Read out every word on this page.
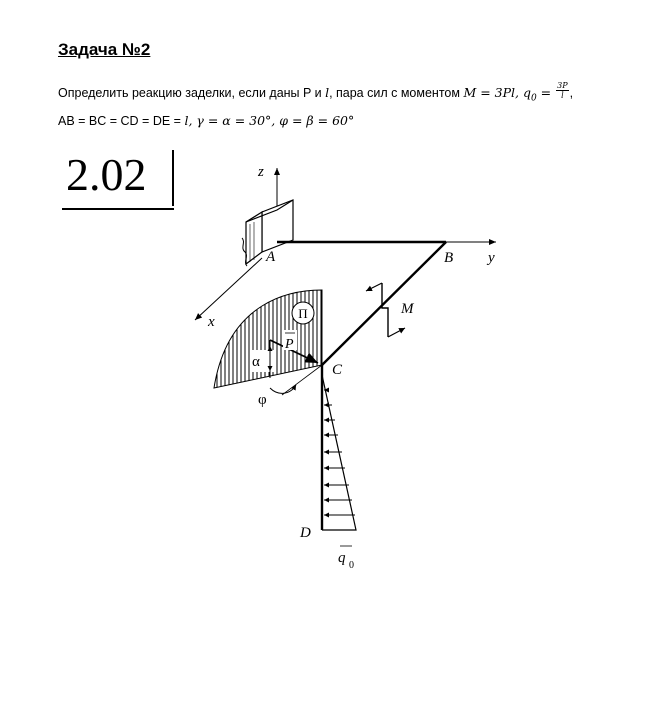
Задача №2
Определить реакцию заделки, если даны P и l, пара сил с моментом M = 3Pl, $q_0 = \frac{3P}{l}$ ,
AB = BC = CD = DE = l, γ = α = 30°, φ = β = 60°
2.02	z
y
x
A	B
C
D
M
Π
P
α
φ
q 0
